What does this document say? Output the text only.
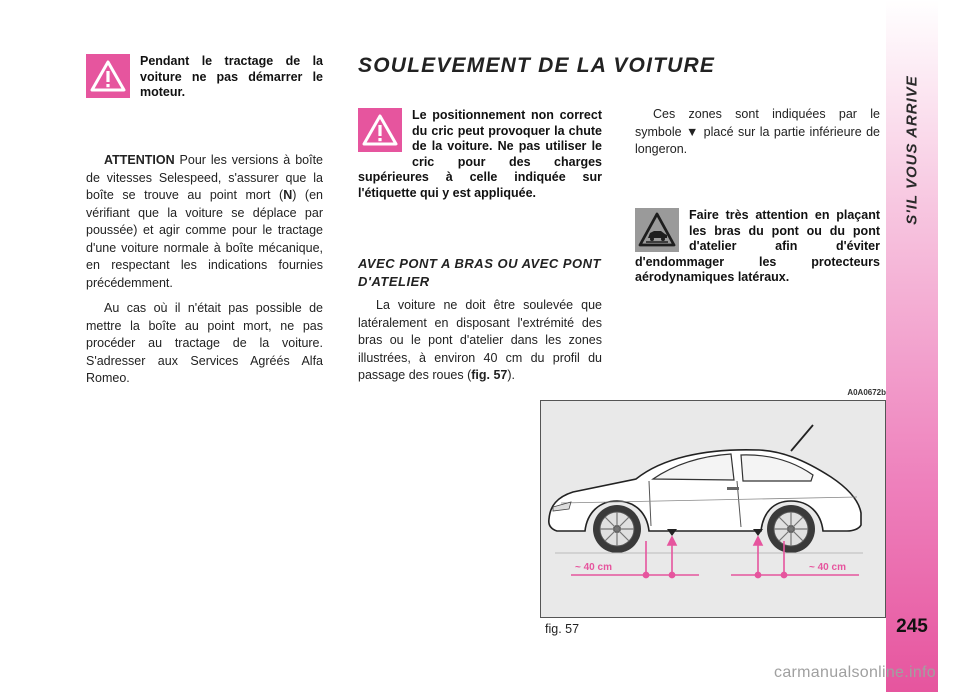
S'IL VOUS ARRIVE
245
Pendant le tractage de la voiture ne pas démarrer le moteur.

ATTENTION Pour les versions à boîte de vitesses Selespeed, s'assurer que la boîte se trouve au point mort (N) (en vérifiant que la voiture se déplace par poussée) et agir comme pour le tractage d'une voiture normale à boîte mécanique, en respectant les indications fournies précédemment.

Au cas où il n'était pas possible de mettre la boîte au point mort, ne pas procéder au tractage de la voiture. S'adresser aux Services Agréés Alfa Romeo.

SOULEVEMENT DE LA VOITURE
Le positionnement non correct du cric peut provoquer la chute de la voiture. Ne pas utiliser le cric pour des charges supérieures à celle indiquée sur l'étiquette qui y est appliquée.
AVEC PONT A BRAS OU AVEC PONT D'ATELIER

La voiture ne doit être soulevée que latéralement en disposant l'extrémité des bras ou le pont d'atelier dans les zones illustrées, à environ 40 cm du profil du passage des roues (fig. 57).

Ces zones sont indiquées par le symbole ▼ placé sur la partie inférieure de longeron.

Faire très attention en plaçant les bras du pont ou du pont d'atelier afin d'éviter d'endommager les protecteurs aérodynamiques latéraux.
A0A0672b
~ 40 cm	~ 40 cm
fig. 57
carmanualsonline.info
